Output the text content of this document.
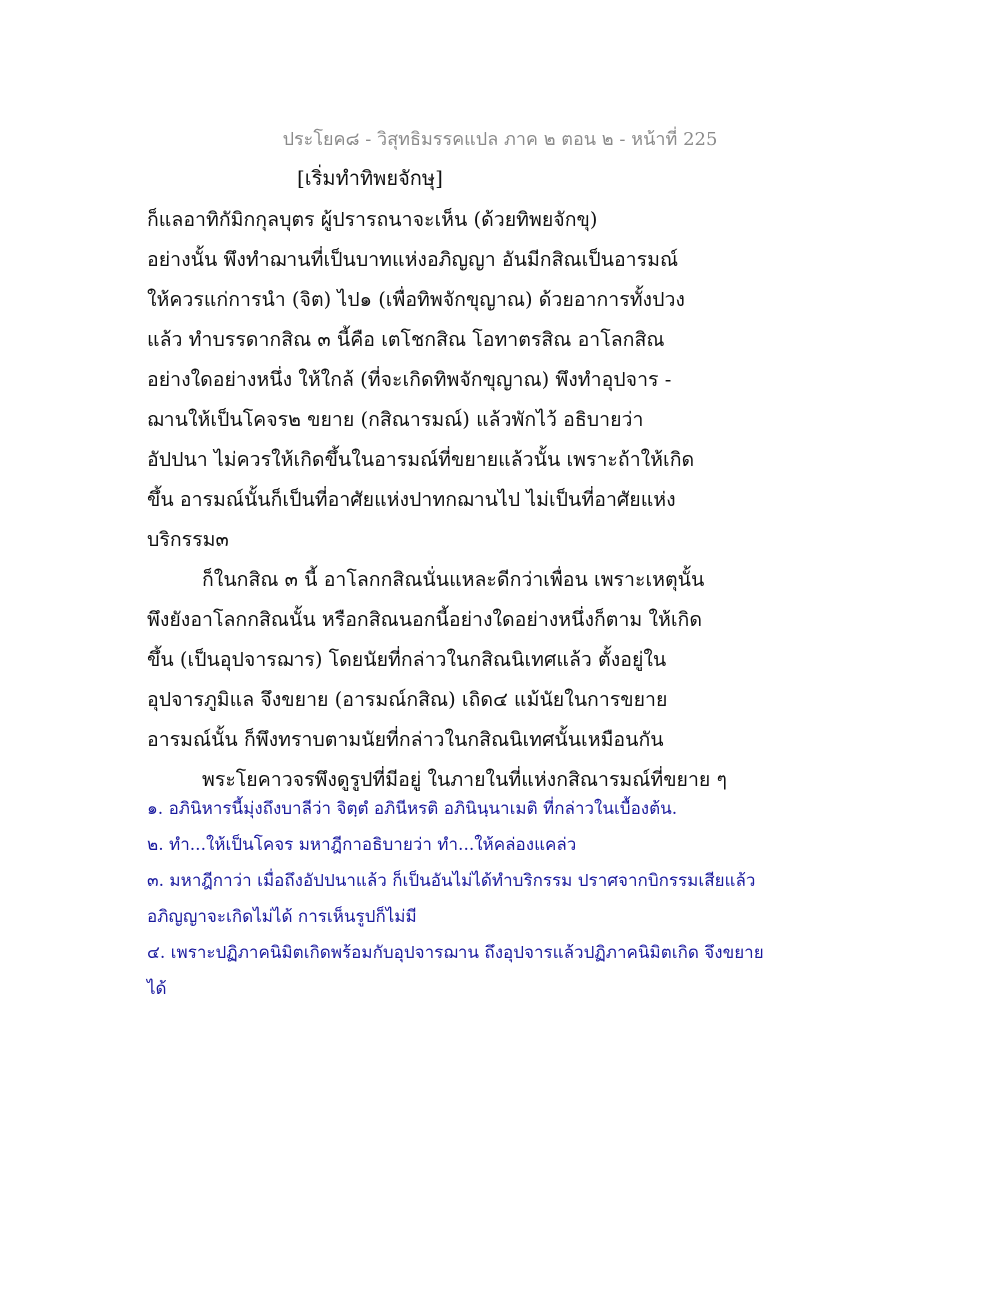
ประโยค๘ - วิสุทธิมรรคแปล ภาค ๒ ตอน ๒ - หน้าที่ 225
[เริ่มทำทิพยจักษุ]
ก็แลอาทิกัมิกกุลบุตร ผู้ปรารถนาจะเห็น (ด้วยทิพยจักขุ)
อย่างนั้น พึงทำฌานที่เป็นบาทแห่งอภิญญา อันมีกสิณเป็นอารมณ์
ให้ควรแก่การนำ (จิต) ไป๑ (เพื่อทิพจักขุญาณ) ด้วยอาการทั้งปวง
แล้ว ทำบรรดากสิณ ๓ นี้คือ เตโชกสิณ โอทาตรสิณ อาโลกสิณ
อย่างใดอย่างหนึ่ง ให้ใกล้ (ที่จะเกิดทิพจักขุญาณ) พึงทำอุปจาร -
ฌานให้เป็นโคจร๒ ขยาย (กสิณารมณ์) แล้วพักไว้ อธิบายว่า
อัปปนา ไม่ควรให้เกิดขึ้นในอารมณ์ที่ขยายแล้วนั้น เพราะถ้าให้เกิด
ขึ้น อารมณ์นั้นก็เป็นที่อาศัยแห่งปาทกฌานไป ไม่เป็นที่อาศัยแห่ง
บริกรรม๓
ก็ในกสิณ ๓ นี้ อาโลกกสิณนั่นแหละดีกว่าเพื่อน เพราะเหตุนั้น
พึงยังอาโลกกสิณนั้น หรือกสิณนอกนี้อย่างใดอย่างหนึ่งก็ตาม ให้เกิด
ขึ้น (เป็นอุปจารฌาร) โดยนัยที่กล่าวในกสิณนิเทศแล้ว ตั้งอยู่ใน
อุปจารภูมิแล จึงขยาย (อารมณ์กสิณ) เถิด๔ แม้นัยในการขยาย
อารมณ์นั้น ก็พึงทราบตามนัยที่กล่าวในกสิณนิเทศนั้นเหมือนกัน
พระโยคาวจรพึงดูรูปที่มีอยู่ ในภายในที่แห่งกสิณารมณ์ที่ขยาย ๆ
๑. อภินิหารนี้มุ่งถึงบาลีว่า จิตฺตํ อภินีหรติ อภินินฺนาเมติ ที่กล่าวในเบื้องต้น.
๒. ทำ...ให้เป็นโคจร มหาฎีกาอธิบายว่า ทำ...ให้คล่องแคล่ว
๓. มหาฎีกาว่า เมื่อถึงอัปปนาแล้ว ก็เป็นอันไม่ได้ทำบริกรรม ปราศจากบิกรรมเสียแล้ว
อภิญญาจะเกิดไม่ได้ การเห็นรูปก็ไม่มี
๔. เพราะปฏิภาคนิมิตเกิดพร้อมกับอุปจารฌาน ถึงอุปจารแล้วปฏิภาคนิมิตเกิด จึงขยาย
ได้
